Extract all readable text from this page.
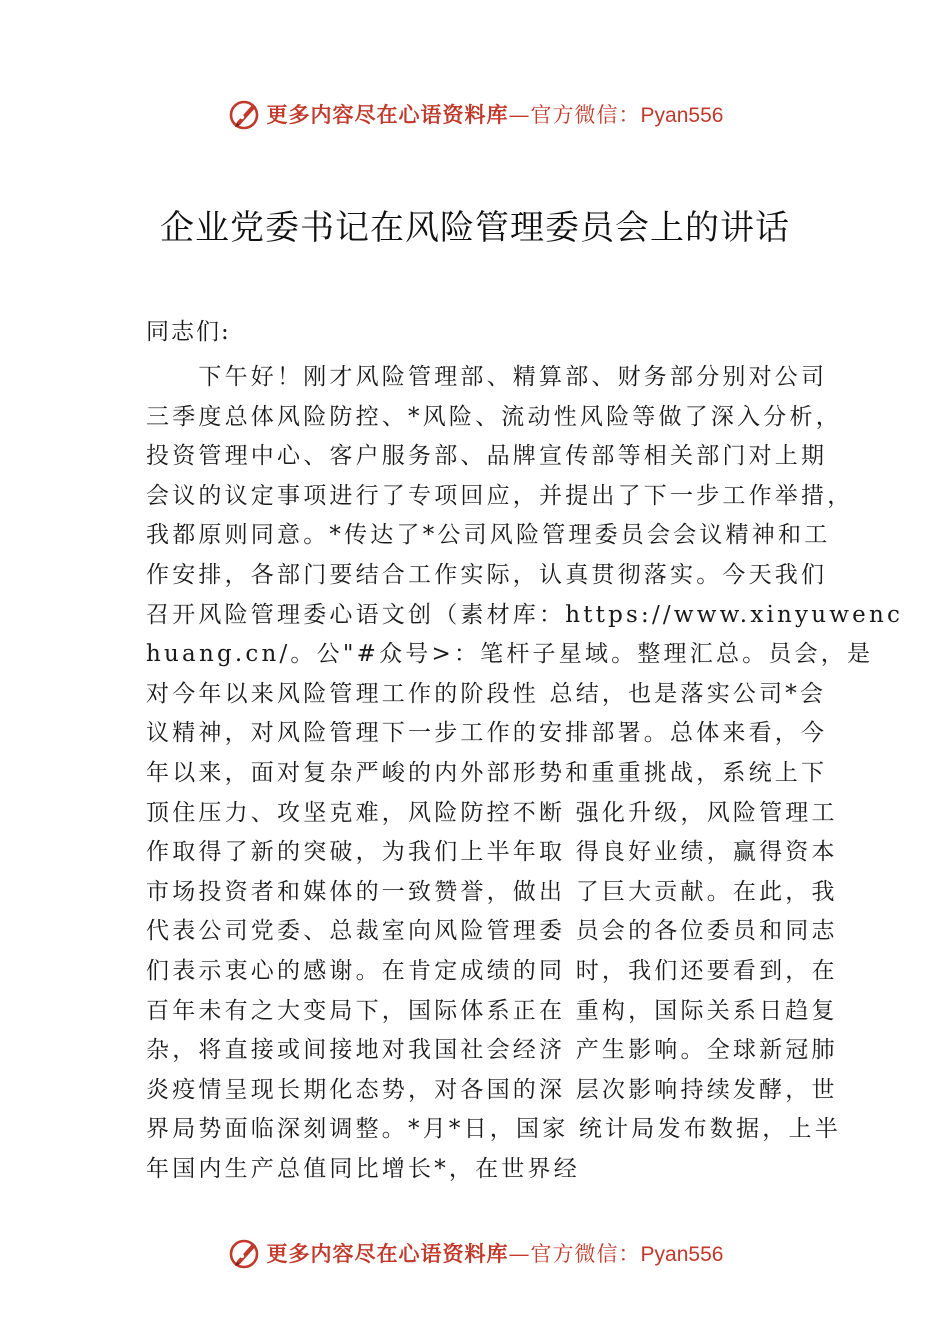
更多内容尽在心语资料库—官方微信：Pyan556
企业党委书记在风险管理委员会上的讲话
同志们:
　　下午好！刚才风险管理部、精算部、财务部分别对公司
三季度总体风险防控、*风险、流动性风险等做了深入分析，
投资管理中心、客户服务部、品牌宣传部等相关部门对上期
会议的议定事项进行了专项回应，并提出了下一步工作举措，
我都原则同意。*传达了*公司风险管理委员会会议精神和工
作安排，各部门要结合工作实际，认真贯彻落实。今天我们
召开风险管理委心语文创（素材库：https://www.xinyuwenc
huang.cn/。公"#众号>：笔杆子星域。整理汇总。员会，是
对今年以来风险管理工作的阶段性 总结，也是落实公司*会
议精神，对风险管理下一步工作的安排部署。总体来看，今
年以来，面对复杂严峻的内外部形势和重重挑战，系统上下
顶住压力、攻坚克难，风险防控不断 强化升级，风险管理工
作取得了新的突破，为我们上半年取 得良好业绩，赢得资本
市场投资者和媒体的一致赞誉，做出 了巨大贡献。在此，我
代表公司党委、总裁室向风险管理委 员会的各位委员和同志
们表示衷心的感谢。在肯定成绩的同 时，我们还要看到，在
百年未有之大变局下，国际体系正在 重构，国际关系日趋复
杂，将直接或间接地对我国社会经济 产生影响。全球新冠肺
炎疫情呈现长期化态势，对各国的深 层次影响持续发酵，世
界局势面临深刻调整。*月*日，国家 统计局发布数据，上半
年国内生产总值同比增长*，在世界经
更多内容尽在心语资料库—官方微信：Pyan556
